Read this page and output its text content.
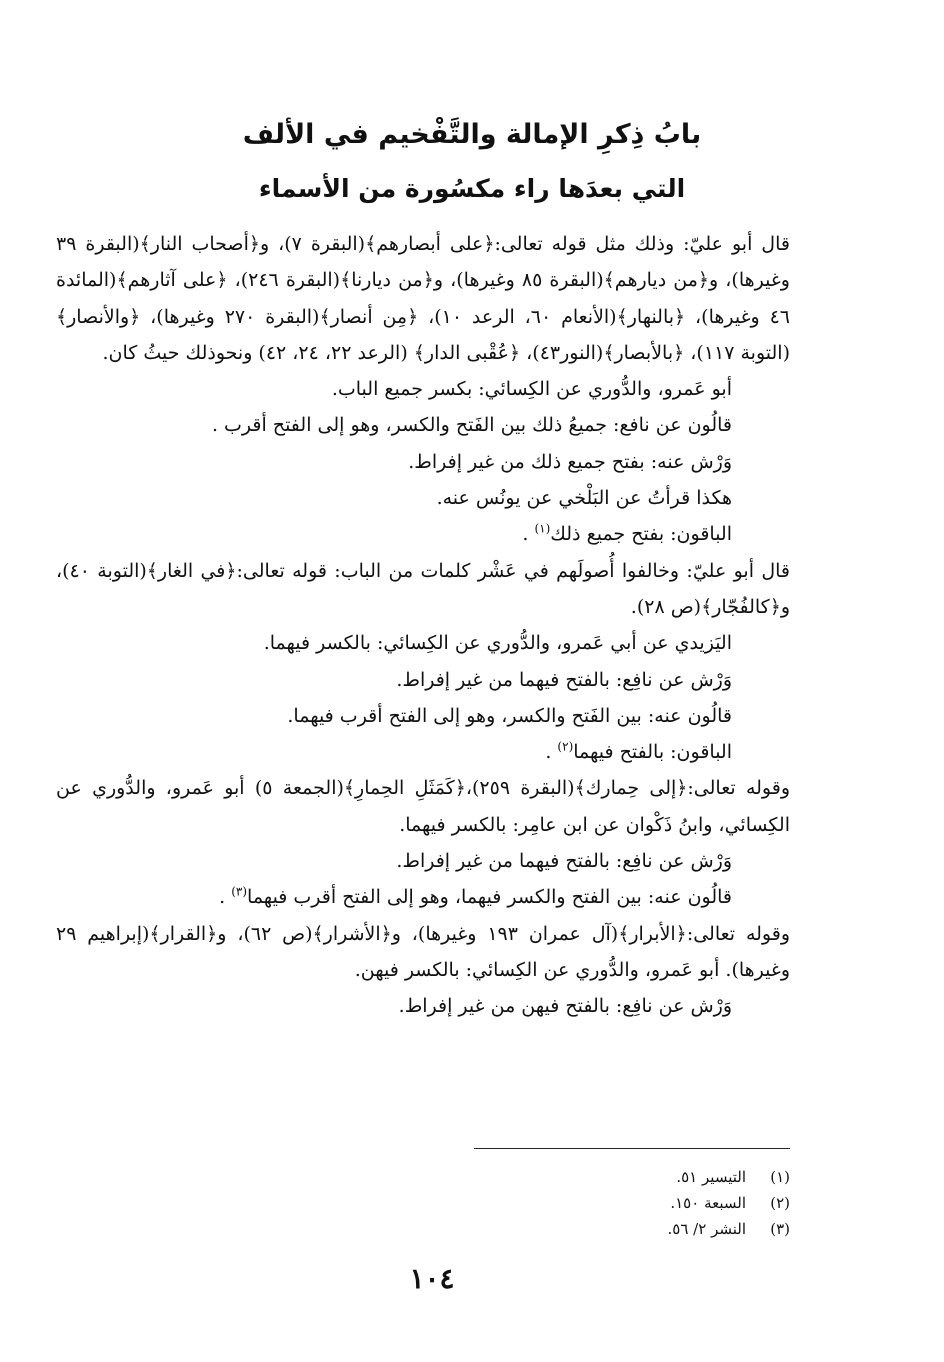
بابُ ذِكرِ الإمالة والتَّفْخيم في الألف

التي بعدَها راء مكسُورة من الأسماء

قال أبو عليّ: وذلك مثل قوله تعالى:﴿على أبصارهم﴾(البقرة ٧)، و﴿أصحاب النار﴾(البقرة ٣٩ وغيرها)، و﴿من ديارهم﴾(البقرة ٨٥ وغيرها)، و﴿من ديارنا﴾(البقرة ٢٤٦)، ﴿على آثارهم﴾(المائدة ٤٦ وغيرها)، ﴿بالنهار﴾(الأنعام ٦٠، الرعد ١٠)، ﴿مِن أنصار﴾(البقرة ٢٧٠ وغيرها)، ﴿والأنصار﴾(التوبة ١١٧)، ﴿بالأبصار﴾(النور٤٣)، ﴿عُقْبى الدار﴾ (الرعد ٢٢، ٢٤، ٤٢) ونحوذلك حيثُ كان.

أبو عَمرو، والدُّوري عن الكِسائي: بكسر جميع الباب.

قالُون عن نافع: جميعُ ذلك بين الفَتح والكسر، وهو إلى الفتح أقرب .

وَرْش عنه: بفتح جميع ذلك من غير إفراط.

هكذا قرأتُ عن البَلْخي عن يونُس عنه.

الباقون: بفتح جميع ذلك$^{(١)}$ .

قال أبو عليّ: وخالفوا أُصولَهم في عَشْر كلمات من الباب: قوله تعالى:﴿في الغار﴾(التوبة ٤٠)، و﴿كالفُجّار﴾(ص ٢٨).

اليَزيدي عن أبي عَمرو، والدُّوري عن الكِسائي: بالكسر فيهما.

وَرْش عن نافِع: بالفتح فيهما من غير إفراط.

قالُون عنه: بين الفَتح والكسر، وهو إلى الفتح أقرب فيهما.

الباقون: بالفتح فيهما$^{(٢)}$ .

وقوله تعالى:﴿إلى حِمارك﴾(البقرة ٢٥٩)،﴿كَمَثَلِ الحِمارِ﴾(الجمعة ٥) أبو عَمرو، والدُّوري عن الكِسائي، وابنُ ذَكْوان عن ابن عامِر: بالكسر فيهما.

وَرْش عن نافِع: بالفتح فيهما من غير إفراط.

قالُون عنه: بين الفتح والكسر فيهما، وهو إلى الفتح أقرب فيهما$^{(٣)}$ .

وقوله تعالى:﴿الأبرار﴾(آل عمران ١٩٣ وغيرها)، و﴿الأشرار﴾(ص ٦٢)، و﴿القرار﴾(إبراهيم ٢٩ وغيرها). أبو عَمرو، والدُّوري عن الكِسائي: بالكسر فيهن.

وَرْش عن نافِع: بالفتح فيهن من غير إفراط.

(١)
التيسير ٥١.
(٢)
السبعة ١٥٠.
(٣)
النشر ٢/ ٥٦.
١٠٤
